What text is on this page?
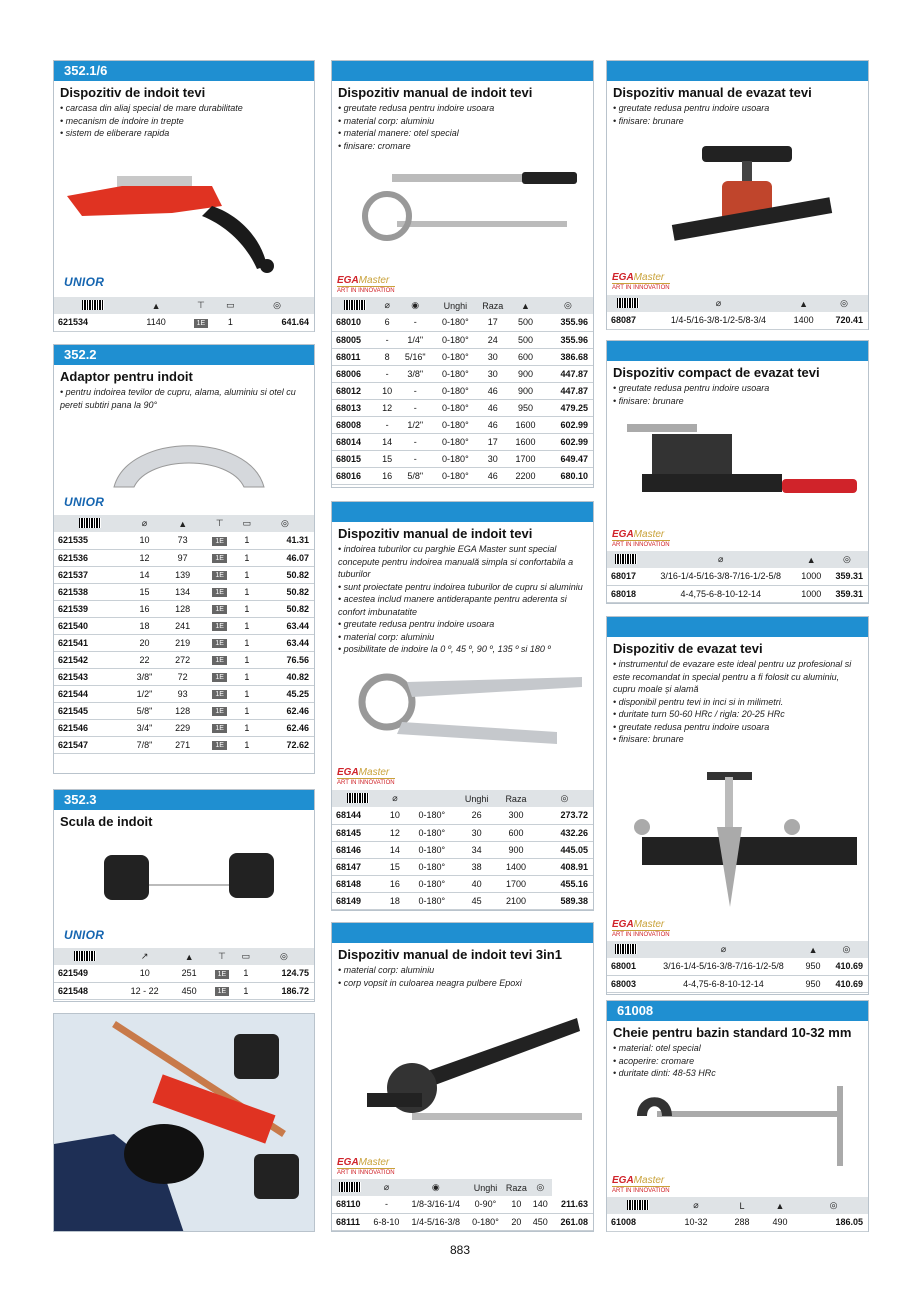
352.1/6
Dispozitiv de indoit tevi
• carcasa din aliaj special de mare durabilitate
• mecanism de indoire in trepte
• sistem de eliberare rapida
UNIOR
	▲	⊤	▭	◎
621534	1140	1E	1	641.64
352.2
Adaptor pentru indoit
• pentru indoirea tevilor de cupru, alama, aluminiu si otel cu pereti subtiri pana la 90°
UNIOR
	⌀	▲	⊤	▭	◎
621535	10	73	1E	1	41.31
621536	12	97	1E	1	46.07
621537	14	139	1E	1	50.82
621538	15	134	1E	1	50.82
621539	16	128	1E	1	50.82
621540	18	241	1E	1	63.44
621541	20	219	1E	1	63.44
621542	22	272	1E	1	76.56
621543	3/8"	72	1E	1	40.82
621544	1/2"	93	1E	1	45.25
621545	5/8"	128	1E	1	62.46
621546	3/4"	229	1E	1	62.46
621547	7/8"	271	1E	1	72.62
352.3
Scula de indoit
UNIOR
	↗	▲	⊤	▭	◎
621549	10	251	1E	1	124.75
621548	12 - 22	450	1E	1	186.72
Dispozitiv manual de indoit tevi
• greutate redusa pentru indoire usoara
• material corp: aluminiu
• material manere: otel special
• finisare: cromare
EGAMaster
ART IN INNOVATION
	⌀	◉	Unghi	Raza	▲	◎
68010	6	-	0-180°	17	500	355.96
68005	-	1/4"	0-180°	24	500	355.96
68011	8	5/16"	0-180°	30	600	386.68
68006	-	3/8"	0-180°	30	900	447.87
68012	10	-	0-180°	46	900	447.87
68013	12	-	0-180°	46	950	479.25
68008	-	1/2"	0-180°	46	1600	602.99
68014	14	-	0-180°	17	1600	602.99
68015	15	-	0-180°	30	1700	649.47
68016	16	5/8"	0-180°	46	2200	680.10
Dispozitiv manual de indoit tevi
• indoirea tuburilor cu parghie EGA Master sunt special concepute pentru indoirea manuală simpla si confortabila a tuburilor
• sunt proiectate pentru indoirea tuburilor de cupru si aluminiu
• acestea includ manere antiderapante pentru aderenta si confort imbunatatite
• greutate redusa pentru indoire usoara
• material corp: aluminiu
• posibilitate de indoire la 0 º, 45 º, 90 º, 135 º si 180 º
EGAMaster
ART IN INNOVATION
	⌀		Unghi	Raza	◎
68144	10	0-180°	26	300	273.72
68145	12	0-180°	30	600	432.26
68146	14	0-180°	34	900	445.05
68147	15	0-180°	38	1400	408.91
68148	16	0-180°	40	1700	455.16
68149	18	0-180°	45	2100	589.38
Dispozitiv manual de indoit tevi 3in1
• material corp: aluminiu
• corp vopsit in culoarea neagra pulbere Epoxi
EGAMaster
ART IN INNOVATION
	⌀	◉	Unghi	Raza	◎	
68110	-	1/8-3/16-1/4	0-90°	10	140	211.63
68111	6-8-10	1/4-5/16-3/8	0-180°	20	450	261.08
Dispozitiv manual de evazat tevi
• greutate redusa pentru indoire usoara
• finisare: brunare
EGAMaster
ART IN INNOVATION
	⌀	▲	◎
68087	1/4-5/16-3/8-1/2-5/8-3/4	1400	720.41
Dispozitiv compact de evazat tevi
• greutate redusa pentru indoire usoara
• finisare: brunare
EGAMaster
ART IN INNOVATION
	⌀	▲	◎
68017	3/16-1/4-5/16-3/8-7/16-1/2-5/8	1000	359.31
68018	4-4,75-6-8-10-12-14	1000	359.31
Dispozitiv de evazat tevi
• instrumentul de evazare este ideal pentru uz profesional si este recomandat in special pentru a fi folosit cu aluminiu, cupru moale și alamă
• disponibil pentru tevi in inci si in milimetri.
• duritate turn 50-60 HRc / rigla: 20-25 HRc
• greutate redusa pentru indoire usoara
• finisare: brunare
EGAMaster
ART IN INNOVATION
	⌀	▲	◎
68001	3/16-1/4-5/16-3/8-7/16-1/2-5/8	950	410.69
68003	4-4,75-6-8-10-12-14	950	410.69
61008
Cheie pentru bazin standard 10-32 mm
• material: otel special
• acoperire: cromare
• duritate dinti: 48-53 HRc
EGAMaster
ART IN INNOVATION
	⌀	L	▲	◎
61008	10-32	288	490	186.05
883
